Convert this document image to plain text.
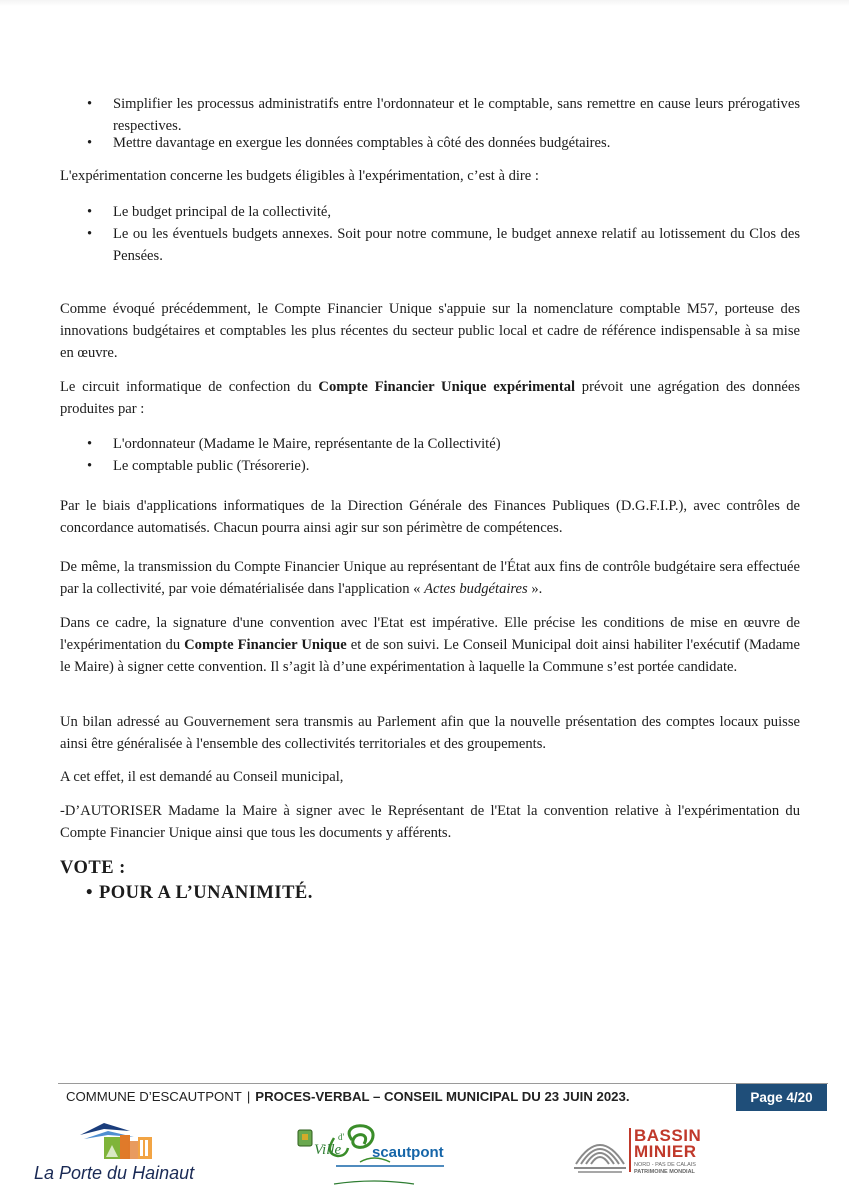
• Simplifier les processus administratifs entre l'ordonnateur et le comptable, sans remettre en cause leurs prérogatives respectives.
• Mettre davantage en exergue les données comptables à côté des données budgétaires.
L'expérimentation concerne les budgets éligibles à l'expérimentation, c’est à dire :
• Le budget principal de la collectivité,
• Le ou les éventuels budgets annexes. Soit pour notre commune, le budget annexe relatif au lotissement du Clos des Pensées.
Comme évoqué précédemment, le Compte Financier Unique s'appuie sur la nomenclature comptable M57, porteuse des innovations budgétaires et comptables les plus récentes du secteur public local et cadre de référence indispensable à sa mise en œuvre.
Le circuit informatique de confection du Compte Financier Unique expérimental prévoit une agrégation des données produites par :
• L'ordonnateur (Madame le Maire, représentante de la Collectivité)
• Le comptable public (Trésorerie).
Par le biais d'applications informatiques de la Direction Générale des Finances Publiques (D.G.F.I.P.), avec contrôles de concordance automatisés. Chacun pourra ainsi agir sur son périmètre de compétences.
De même, la transmission du Compte Financier Unique au représentant de l'État aux fins de contrôle budgétaire sera effectuée par la collectivité, par voie dématérialisée dans l'application « Actes budgétaires ».
Dans ce cadre, la signature d'une convention avec l'Etat est impérative. Elle précise les conditions de mise en œuvre de l'expérimentation du Compte Financier Unique et de son suivi. Le Conseil Municipal doit ainsi habiliter l'exécutif (Madame le Maire) à signer cette convention. Il s’agit là d’une expérimentation à laquelle la Commune s’est portée candidate.
Un bilan adressé au Gouvernement sera transmis au Parlement afin que la nouvelle présentation des comptes locaux puisse ainsi être généralisée à l'ensemble des collectivités territoriales et des groupements.
A cet effet, il est demandé au Conseil municipal,
-D’AUTORISER Madame la Maire à signer avec le Représentant de l'Etat la convention relative à l'expérimentation du Compte Financier Unique ainsi que tous les documents y afférents.
VOTE :
• POUR A L’UNANIMITÉ.
COMMUNE D’ESCAUTPONT | PROCES-VERBAL – CONSEIL MUNICIPAL DU 23 JUIN 2023.	Page 4/20
La Porte du Hainaut
Ville
d'
scautpont
BASSIN
MINIER
NORD - PAS DE CALAIS
PATRIMOINE MONDIAL
